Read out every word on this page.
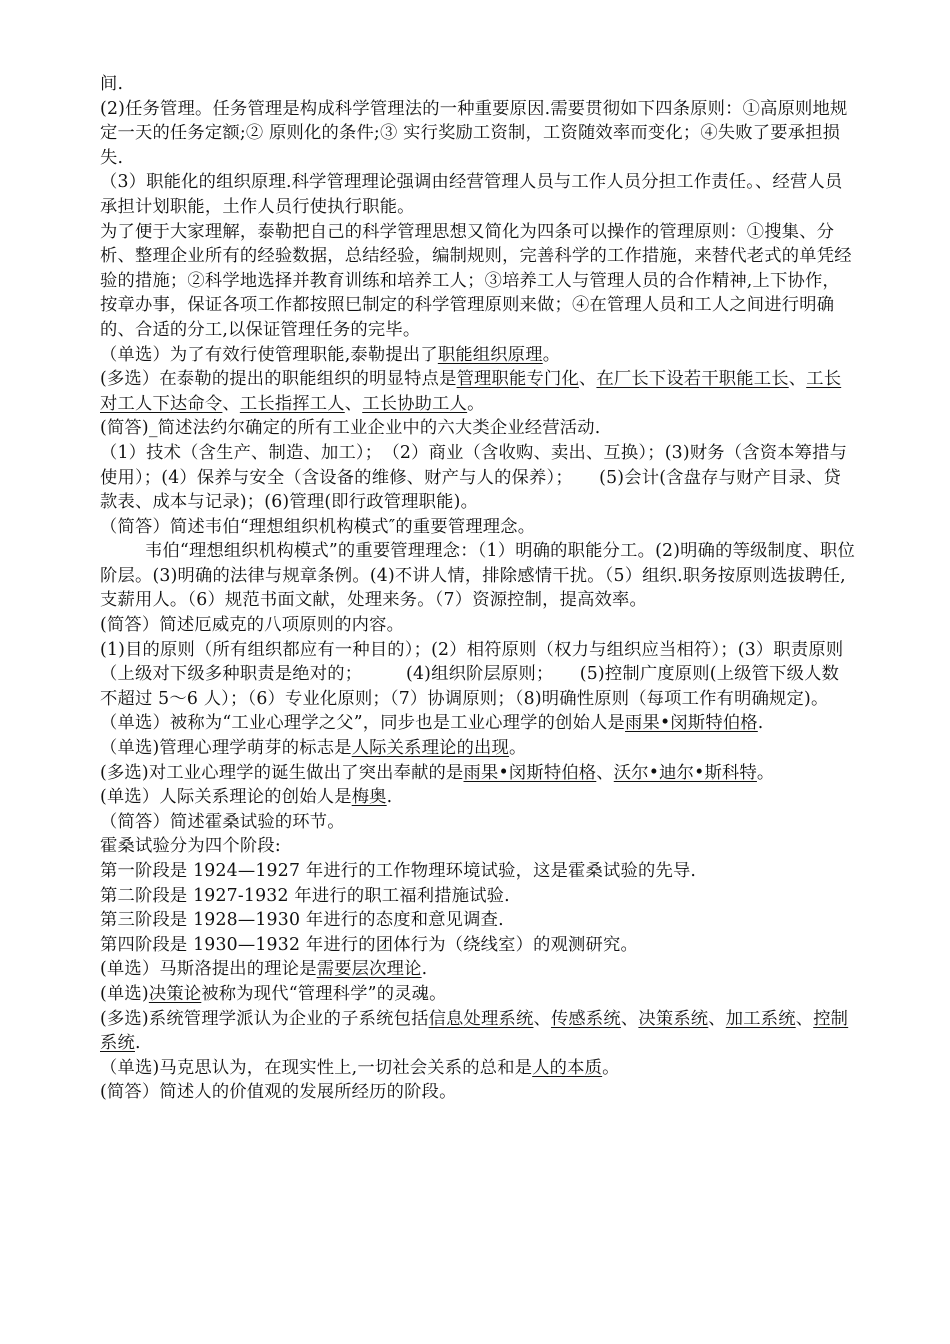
间.

(2)任务管理。任务管理是构成科学管理法的一种重要原因.需要贯彻如下四条原则：①高原则地规定一天的任务定额;② 原则化的条件;③ 实行奖励工资制，工资随效率而变化；④失败了要承担损失.

（3）职能化的组织原理.科学管理理论强调由经营管理人员与工作人员分担工作责任。、经营人员承担计划职能，土作人员行使执行职能。

为了便于大家理解，泰勒把自己的科学管理思想又简化为四条可以操作的管理原则：①搜集、分析、整理企业所有的经验数据，总结经验，编制规则，完善科学的工作措施，来替代老式的单凭经验的措施；②科学地选择并教育训练和培养工人；③培养工人与管理人员的合作精神,上下协作，按章办事，保证各项工作都按照巳制定的科学管理原则来做；④在管理人员和工人之间进行明确的、合适的分工,以保证管理任务的完毕。

（单选）为了有效行使管理职能,泰勒提出了职能组织原理。

(多选）在泰勒的提出的职能组织的明显特点是管理职能专门化、在厂长下设若干职能工长、工长对工人下达命令、工长指挥工人、工长协助工人。

(简答)_简述法约尔确定的所有工业企业中的六大类企业经营活动.

（1）技术（含生产、制造、加工）；　（2）商业（含收购、卖出、互换）；(3)财务（含资本筹措与使用）；(4）保养与安全（含设备的维修、财产与人的保养）；　　(5)会计(含盘存与财产目录、贷款表、成本与记录)；(6)管理(即行政管理职能)。

（简答）简述韦伯“理想组织机构模式″的重要管理理念。

韦伯“理想组织机构模式”的重要管理理念：（1）明确的职能分工。(2)明确的等级制度、职位阶层。(3)明确的法律与规章条例。(4)不讲人情，排除感情干扰。（5）组织.职务按原则选拔聘任,支薪用人。（6）规范书面文献，处理来务。（7）资源控制，提高效率。

(简答）简述厄威克的八项原则的内容。

(1)目的原则（所有组织都应有一种目的）；(2）相符原则（权力与组织应当相符）；(3）职责原则（上级对下级多种职责是绝对的；　　　(4)组织阶层原则；　　(5)控制广度原则(上级管下级人数不超过 5～6 人）；（6）专业化原则；（7）协调原则；（8)明确性原则（每项工作有明确规定)。

（单选）被称为“工业心理学之父”，同步也是工业心理学的创始人是雨果•闵斯特伯格.

（单选)管理心理学萌芽的标志是人际关系理论的出现。

(多选)对工业心理学的诞生做出了突出奉献的是雨果•闵斯特伯格、沃尔•迪尔•斯科特。

(单选）人际关系理论的创始人是梅奥.

（简答）简述霍桑试验的环节。

霍桑试验分为四个阶段:

第一阶段是 1924—1927 年进行的工作物理环境试验，这是霍桑试验的先导.

第二阶段是 1927-1932 年进行的职工福利措施试验.

第三阶段是 1928—1930 年进行的态度和意见调查.

第四阶段是 1930—1932 年进行的团体行为（绕线室）的观测研究。

(单选）马斯洛提出的理论是需要层次理论.

(单选)决策论被称为现代“管理科学”的灵魂。

(多选)系统管理学派认为企业的子系统包括信息处理系统、传感系统、决策系统、加工系统、控制系统.

（单选)马克思认为，在现实性上,一切社会关系的总和是人的本质。

(简答）简述人的价值观的发展所经历的阶段。
